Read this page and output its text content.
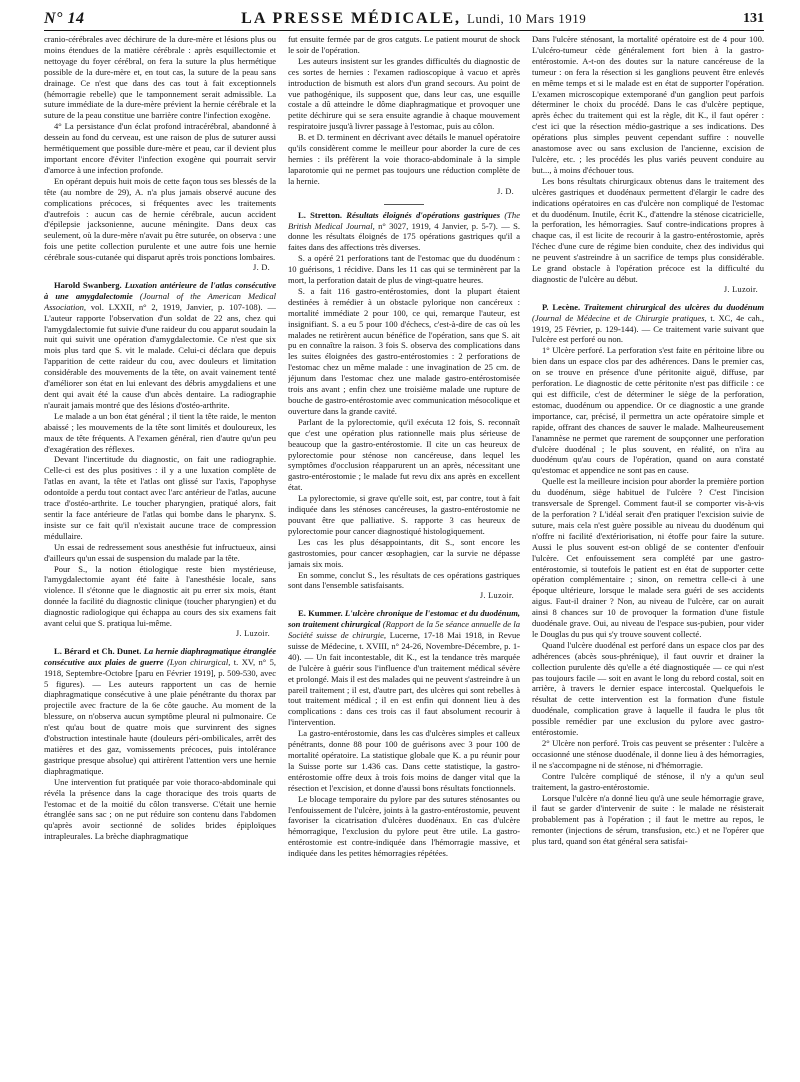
N° 14	LA PRESSE MÉDICALE, Lundi, 10 Mars 1919	131

cranio-cérébrales avec déchirure de la dure-mère et lésions plus ou moins étendues de la matière cérébrale : après esquillectomie et nettoyage du foyer cérébral, on fera la suture la plus hermétique possible de la dure-mère et, en tout cas, la suture de la peau sans drainage. Ce n'est que dans des cas tout à fait exceptionnels (hémorragie rebelle) que le tamponnement serait admissible. La suture immédiate de la dure-mère prévient la hernie cérébrale et la suture de la peau constitue une barrière contre l'infection exogène.

4° La persistance d'un éclat profond intracérébral, abandonné à dessein au fond du cerveau, est une raison de plus de suturer aussi hermétiquement que possible dure-mère et peau, car il devient plus important encore d'éviter l'infection exogène qui pourrait servir d'amorce à une infection profonde.

En opérant depuis huit mois de cette façon tous ses blessés de la tête (au nombre de 29), A. n'a plus jamais observé aucune des complications précoces, si fréquentes avec les traitements d'autrefois : aucun cas de hernie cérébrale, aucun accident d'épilepsie jacksonienne, aucune méningite. Dans deux cas seulement, où la dure-mère n'avait pu être suturée, on observa : une fois une petite collection purulente et une autre fois une hernie cérébrale sous-cutanée qui disparut après trois ponctions lombaires.

J. D.

Harold Swanberg. Luxation antérieure de l'atlas consécutive à une amygdalectomie (Journal of the American Medical Association, vol. LXXII, n° 2, 1919, Janvier, p. 107-108). — L'auteur rapporte l'observation d'un soldat de 22 ans, chez qui l'amygdalectomie fut suivie d'une raideur du cou apparut soudain la nuit qui suivit une opération d'amygdalectomie. Ce n'est que six mois plus tard que S. vit le malade. Celui-ci déclara que depuis l'apparition de cette raideur du cou, avec douleurs et limitation considérable des mouvements de la tête, on avait vainement tenté d'améliorer son état en lui enlevant des débris amygdaliens et une dent qui avait été la cause d'un abcès dentaire. La radiographie n'aurait jamais montré que des lésions d'ostéo-arthrite.

Le malade a un bon état général ; il tient la tête raide, le menton abaissé ; les mouvements de la tête sont limités et douloureux, les maux de tête fréquents. A l'examen général, rien d'autre qu'un peu d'exagération des réflexes.

Devant l'incertitude du diagnostic, on fait une radiographie. Celle-ci est des plus positives : il y a une luxation complète de l'atlas en avant, la tête et l'atlas ont glissé sur l'axis, l'apophyse odontoïde a perdu tout contact avec l'arc antérieur de l'atlas, aucune trace d'ostéo-arthrite. Le toucher pharyngien, pratiqué alors, fait sentir la face antérieure de l'atlas qui bombe dans le pharynx. S. insiste sur ce fait qu'il n'existait aucune trace de compression médullaire.

Un essai de redressement sous anesthésie fut infructueux, ainsi d'ailleurs qu'un essai de suspension du malade par la tête.

Pour S., la notion étiologique reste bien mystérieuse, l'amygdalectomie ayant été faite à l'anesthésie locale, sans violence. Il s'étonne que le diagnostic ait pu errer six mois, étant donnée la facilité du diagnostic clinique (toucher pharyngien) et du diagnostic radiologique qui échappa au cours des six examens fait avant celui que S. pratiqua lui-même.

J. Luzoir.

L. Bérard et Ch. Dunet. La hernie diaphragmatique étranglée consécutive aux plaies de guerre (Lyon chirurgical, t. XV, n° 5, 1918, Septembre-Octobre [paru en Février 1919], p. 509-530, avec 5 figures). — Les auteurs rapportent un cas de hernie diaphragmatique consécutive à une plaie pénétrante du thorax par projectile avec fracture de la 6e côte gauche. Au moment de la blessure, on n'observa aucun symptôme pleural ni pulmonaire. Ce n'est qu'au bout de quatre mois que survinrent des signes d'obstruction intestinale haute (douleurs péri-ombilicales, arrêt des matières et des gaz, vomissements précoces, puis intolérance gastrique presque absolue) qui attirèrent l'attention vers une hernie diaphragmatique.

Une intervention fut pratiquée par voie thoraco-abdominale qui révéla la présence dans la cage thoracique des trois quarts de l'estomac et de la moitié du côlon transverse. C'était une hernie étranglée sans sac ; on ne put réduire son contenu dans l'abdomen qu'après avoir sectionné de solides brides épiploïques intrapleurales. La brèche diaphragmatique

fut ensuite fermée par de gros catguts. Le patient mourut de shock le soir de l'opération.

Les auteurs insistent sur les grandes difficultés du diagnostic de ces sortes de hernies : l'examen radioscopique à vacuo et après introduction de bismuth est alors d'un grand secours. Au point de vue pathogénique, ils supposent que, dans leur cas, une esquille costale a dû atteindre le dôme diaphragmatique et provoquer une petite déchirure qui se sera ensuite agrandie à chaque mouvement respiratoire jusqu'à livrer passage à l'estomac, puis au côlon.

B. et D. terminent en décrivant avec détails le manuel opératoire qu'ils considèrent comme le meilleur pour aborder la cure de ces hernies : ils préfèrent la voie thoraco-abdominale à la simple laparotomie qui ne permet pas toujours une réduction complète de la hernie.

J. D.

L. Stretton. Résultats éloignés d'opérations gastriques (The British Medical Journal, n° 3027, 1919, 4 Janvier, p. 5-7). — S. donne les résultats éloignés de 175 opérations gastriques qu'il a faites dans des affections très diverses.

S. a opéré 21 perforations tant de l'estomac que du duodénum : 10 guérisons, 1 récidive. Dans les 11 cas qui se terminèrent par la mort, la perforation datait de plus de vingt-quatre heures.

S. a fait 116 gastro-entérostomies, dont la plupart étaient destinées à remédier à un obstacle pylorique non cancéreux : mortalité immédiate 2 pour 100, ce qui, remarque l'auteur, est insignifiant. S. a eu 5 pour 100 d'échecs, c'est-à-dire de cas où les malades ne retirèrent aucun bénéfice de l'opération, sans que S. ait pu en connaître la raison. 3 fois S. observa des complications dans les suites éloignées des gastro-entérostomies : 2 perforations de l'estomac chez un même malade : une invagination de 25 cm. de jéjunum dans l'estomac chez une malade gastro-entérostomisée trois ans avant ; enfin chez une troisième malade une rupture de bouche de gastro-entérostomie avec communication mésocolique et ouverture dans la grande cavité.

Parlant de la pylorectomie, qu'il exécuta 12 fois, S. reconnaît que c'est une opération plus rationnelle mais plus sérieuse de beaucoup que la gastro-entérostomie. Il cite un cas heureux de pylorectomie pour sténose non cancéreuse, dans lequel les symptômes d'occlusion réapparurent un an après, nécessitant une gastro-entérostomie ; le malade fut revu dix ans après en excellent état.

La pylorectomie, si grave qu'elle soit, est, par contre, tout à fait indiquée dans les sténoses cancéreuses, la gastro-entérostomie ne pouvant être que palliative. S. rapporte 3 cas heureux de pylorectomie pour cancer diagnostiqué histologiquement.

Les cas les plus désappointants, dit S., sont encore les gastrostomies, pour cancer œsophagien, car la survie ne dépasse jamais six mois.

En somme, conclut S., les résultats de ces opérations gastriques sont dans l'ensemble satisfaisants.

J. Luzoir.

E. Kummer. L'ulcère chronique de l'estomac et du duodénum, son traitement chirurgical (Rapport de la 5e séance annuelle de la Société suisse de chirurgie, Lucerne, 17-18 Mai 1918, in Revue suisse de Médecine, t. XVIII, n° 24-26, Novembre-Décembre, p. 1-40). — Un fait incontestable, dit K., est la tendance très marquée de l'ulcère à guérir sous l'influence d'un traitement médical sévère et prolongé. Mais il est des malades qui ne peuvent s'astreindre à un pareil traitement ; il est, d'autre part, des ulcères qui sont rebelles à tout traitement médical ; il en est enfin qui donnent lieu à des complications : dans ces trois cas il faut absolument recourir à l'intervention.

La gastro-entérostomie, dans les cas d'ulcères simples et calleux pénétrants, donne 88 pour 100 de guérisons avec 3 pour 100 de mortalité opératoire. La statistique globale que K. a pu réunir pour la Suisse porte sur 1.436 cas. Dans cette statistique, la gastro-entérostomie offre deux à trois fois moins de danger vital que la résection et l'excision, et donne d'aussi bons résultats fonctionnels.

Le blocage temporaire du pylore par des sutures sténosantes ou l'enfouissement de l'ulcère, joints à la gastro-entérostomie, peuvent favoriser la cicatrisation d'ulcères duodénaux. En cas d'ulcère hémorragique, l'exclusion du pylore peut être utile. La gastro-entérostomie est contre-indiquée dans l'hémorragie massive, et indiquée dans les petites hémorragies répétées.

Dans l'ulcère sténosant, la mortalité opératoire est de 4 pour 100. L'ulcéro-tumeur cède généralement fort bien à la gastro-entérostomie. A-t-on des doutes sur la nature cancéreuse de la tumeur : on fera la résection si les ganglions peuvent être enlevés en même temps et si le malade est en état de supporter l'opération. L'examen microscopique extemporané d'un ganglion peut parfois déterminer le choix du procédé. Dans le cas d'ulcère peptique, après échec du traitement qui est la règle, dit K., il faut opérer : c'est ici que la résection médio-gastrique a ses indications. Des opérations plus simples peuvent cependant suffire : nouvelle anastomose avec ou sans exclusion de l'ancienne, excision de l'ulcère, etc. ; les procédés les plus variés peuvent conduire au but..., à moins d'échouer tous.

Les bons résultats chirurgicaux obtenus dans le traitement des ulcères gastriques et duodénaux permettent d'élargir le cadre des indications opératoires en cas d'ulcère non compliqué de l'estomac et du duodénum. Inutile, écrit K., d'attendre la sténose cicatricielle, la perforation, les hémorragies. Sauf contre-indications propres à chaque cas, il est licite de recourir à la gastro-entérostomie, après l'échec d'une cure de régime bien conduite, chez des individus qui ne peuvent s'astreindre à un sacrifice de temps plus considérable. Le grand obstacle à l'opération précoce est la difficulté du diagnostic de l'ulcère au début.

J. Luzoir.

P. Lecène. Traitement chirurgical des ulcères du duodénum (Journal de Médecine et de Chirurgie pratiques, t. XC, 4e cah., 1919, 25 Février, p. 129-144). — Ce traitement varie suivant que l'ulcère est perforé ou non.

1° Ulcère perforé. La perforation s'est faite en péritoine libre ou bien dans un espace clos par des adhérences. Dans le premier cas, on se trouve en présence d'une péritonite aiguë, diffuse, par perforation. Le diagnostic de cette péritonite n'est pas difficile : ce qui est difficile, c'est de déterminer le siège de la perforation, estomac, duodénum ou appendice. Or ce diagnostic a une grande importance, car, précisé, il permettra un acte opératoire simple et rapide, offrant des chances de sauver le malade. Malheureusement l'anamnèse ne permet que rarement de soupçonner une perforation d'ulcère duodénal ; le plus souvent, en réalité, on n'ira au duodénum qu'au cours de l'opération, quand on aura constaté qu'estomac et appendice ne sont pas en cause.

Quelle est la meilleure incision pour aborder la première portion du duodénum, siège habituel de l'ulcère ? C'est l'incision transversale de Sprengel. Comment faut-il se comporter vis-à-vis de la perforation ? L'idéal serait d'en pratiquer l'excision suivie de suture, mais cela n'est guère possible au niveau du duodénum qui n'offre ni facilité d'extériorisation, ni étoffe pour faire la suture. Aussi le plus souvent est-on obligé de se contenter d'enfouir l'ulcère. Cet enfouissement sera complété par une gastro-entérostomie, si toutefois le patient est en état de supporter cette opération complémentaire ; sinon, on remettra celle-ci à une époque ultérieure, lorsque le malade sera guéri de ses accidents aigus. Faut-il drainer ? Non, au niveau de l'ulcère, car on aurait ainsi 8 chances sur 10 de provoquer la formation d'une fistule duodénale grave. Oui, au niveau de l'espace sus-pubien, pour vider le Douglas du pus qui s'y trouve souvent collecté.

Quand l'ulcère duodénal est perforé dans un espace clos par des adhérences (abcès sous-phrénique), il faut ouvrir et drainer la collection purulente dès qu'elle a été diagnostiquée — ce qui n'est pas toujours facile — soit en avant le long du rebord costal, soit en arrière, à travers le dernier espace intercostal. Quelquefois le résultat de cette intervention est la formation d'une fistule duodénale, complication grave à laquelle il faudra le plus tôt possible remédier par une exclusion du pylore avec gastro-entérostomie.

2° Ulcère non perforé. Trois cas peuvent se présenter : l'ulcère a occasionné une sténose duodénale, il donne lieu à des hémorragies, il ne s'accompagne ni de sténose, ni d'hémorragie.

Contre l'ulcère compliqué de sténose, il n'y a qu'un seul traitement, la gastro-entérostomie.

Lorsque l'ulcère n'a donné lieu qu'à une seule hémorragie grave, il faut se garder d'intervenir de suite : le malade ne résisterait probablement pas à l'opération ; il faut le mettre au repos, le remonter (injections de sérum, transfusion, etc.) et ne l'opérer que plus tard, quand son état général sera satisfai-
